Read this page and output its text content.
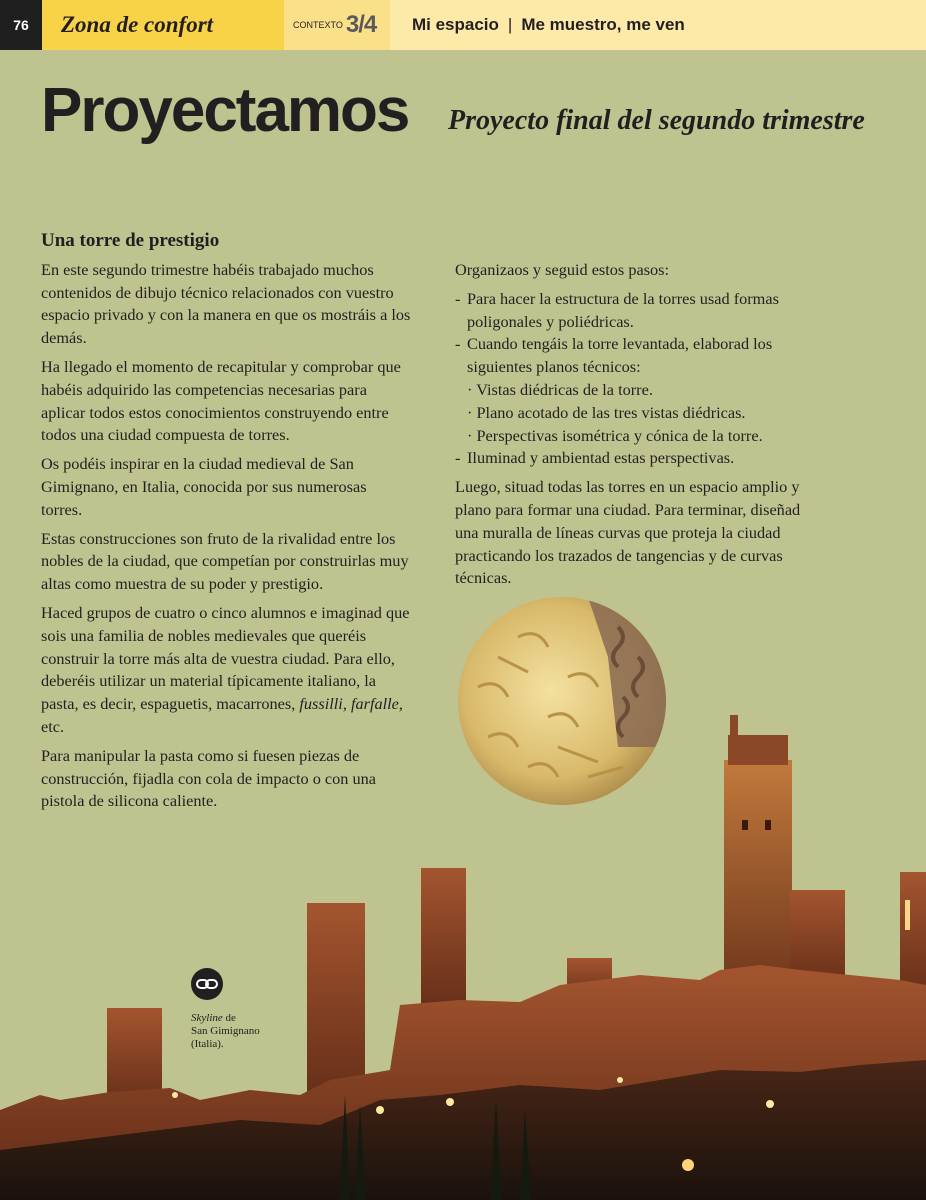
76	Zona de confort	CONTEXTO 3/4 Mi espacio | Me muestro, me ven
Proyectamos Proyecto final del segundo trimestre
Una torre de prestigio

En este segundo trimestre habéis trabajado muchos contenidos de dibujo técnico relacionados con vuestro espacio privado y con la manera en que os mostráis a los demás.

Ha llegado el momento de recapitular y comprobar que habéis adquirido las competencias necesarias para aplicar todos estos conocimientos construyendo entre todos una ciudad compuesta de torres.

Os podéis inspirar en la ciudad medieval de San Gimignano, en Italia, conocida por sus numerosas torres.

Estas construcciones son fruto de la rivalidad entre los nobles de la ciudad, que competían por construirlas muy altas como muestra de su poder y prestigio.

Haced grupos de cuatro o cinco alumnos e imaginad que sois una familia de nobles medievales que queréis construir la torre más alta de vuestra ciudad. Para ello, deberéis utilizar un material típicamente italiano, la pasta, es decir, espaguetis, macarrones, fussilli, farfalle, etc.

Para manipular la pasta como si fuesen piezas de construcción, fijadla con cola de impacto o con una pistola de silicona caliente.

Organizaos y seguid estos pasos:

- Para hacer la estructura de la torres usad formas poligonales y poliédricas.
- Cuando tengáis la torre levantada, elaborad los siguientes planos técnicos:
· Vistas diédricas de la torre.
· Plano acotado de las tres vistas diédricas.
· Perspectivas isométrica y cónica de la torre.
- Iluminad y ambientad estas perspectivas.

Luego, situad todas las torres en un espacio amplio y plano para formar una ciudad. Para terminar, diseñad una muralla de líneas curvas que proteja la ciudad practicando los trazados de tangencias y de curvas técnicas.

Skyline de
San Gimignano
(Italia).
